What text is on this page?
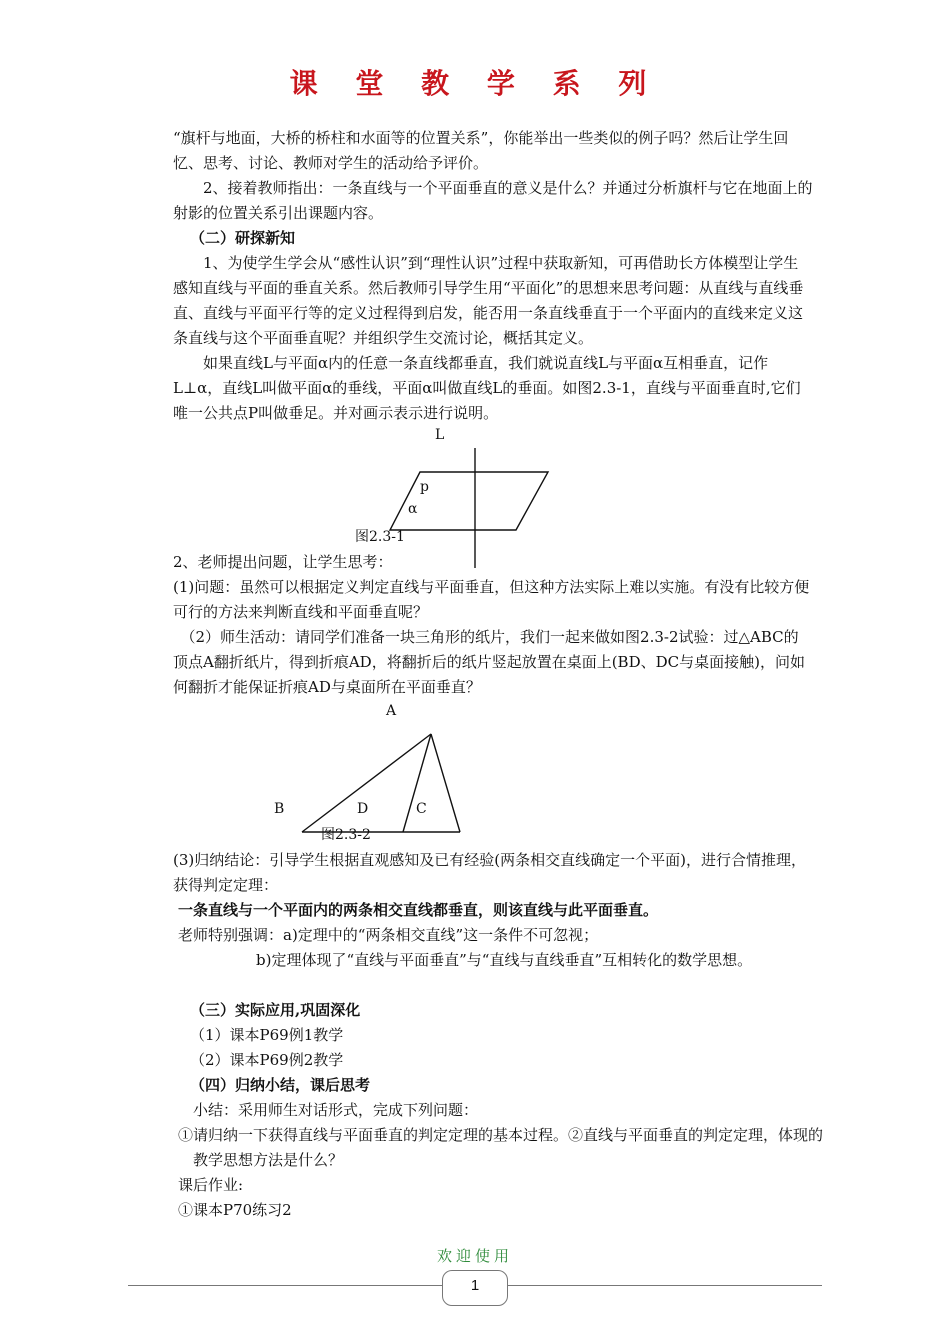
课 堂 教 学 系 列
“旗杆与地面，大桥的桥柱和水面等的位置关系”，你能举出一些类似的例子吗？然后让学生回忆、思考、讨论、教师对学生的活动给予评价。
2、接着教师指出：一条直线与一个平面垂直的意义是什么？并通过分析旗杆与它在地面上的射影的位置关系引出课题内容。
（二）研探新知
1、为使学生学会从“感性认识”到“理性认识”过程中获取新知，可再借助长方体模型让学生感知直线与平面的垂直关系。然后教师引导学生用“平面化”的思想来思考问题：从直线与直线垂直、直线与平面平行等的定义过程得到启发，能否用一条直线垂直于一个平面内的直线来定义这条直线与这个平面垂直呢？并组织学生交流讨论，概括其定义。
如果直线L与平面α内的任意一条直线都垂直，我们就说直线L与平面α互相垂直，记作L⊥α，直线L叫做平面α的垂线，平面α叫做直线L的垂面。如图2.3-1，直线与平面垂直时,它们唯一公共点P叫做垂足。并对画示表示进行说明。
L
p
α
图2.3-1
2、老师提出问题，让学生思考：
(1)问题：虽然可以根据定义判定直线与平面垂直，但这种方法实际上难以实施。有没有比较方便可行的方法来判断直线和平面垂直呢？
（2）师生活动：请同学们准备一块三角形的纸片，我们一起来做如图2.3-2试验：过△ABC的顶点A翻折纸片，得到折痕AD，将翻折后的纸片竖起放置在桌面上(BD、DC与桌面接触)，问如何翻折才能保证折痕AD与桌面所在平面垂直？
A
B	D	C
图2.3-2
(3)归纳结论：引导学生根据直观感知及已有经验(两条相交直线确定一个平面)，进行合情推理，获得判定定理：
一条直线与一个平面内的两条相交直线都垂直，则该直线与此平面垂直。
老师特别强调：a)定理中的“两条相交直线”这一条件不可忽视；
b)定理体现了“直线与平面垂直”与“直线与直线垂直”互相转化的数学思想。
（三）实际应用,巩固深化
（1）课本P69例1教学
（2）课本P69例2教学
（四）归纳小结，课后思考
小结：采用师生对话形式，完成下列问题：
①请归纳一下获得直线与平面垂直的判定定理的基本过程。②直线与平面垂直的判定定理，体现的教学思想方法是什么？
课后作业:
①课本P70练习2
欢迎使用
1
